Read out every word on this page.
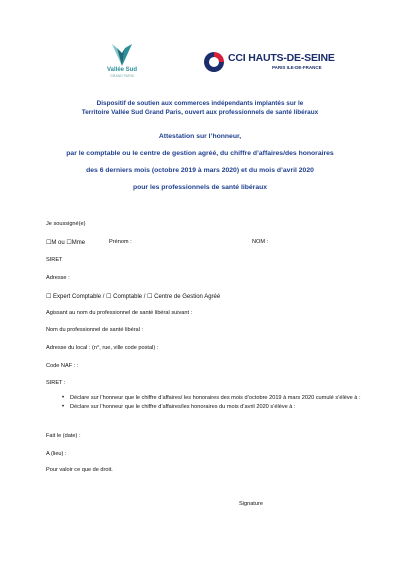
Vallée Sud
GRAND PARIS
CCI HAUTS-DE-SEINE
PARIS ILE-DE-FRANCE
Dispositif de soutien aux commerces indépendants implantés sur le
Territoire Vallée Sud Grand Paris, ouvert aux professionnels de santé libéraux
Attestation sur l’honneur,
par le comptable ou le centre de gestion agréé, du chiffre d’affaires/des honoraires
des 6 derniers mois (octobre 2019 à mars 2020) et du mois d’avril 2020
pour les professionnels de santé libéraux
Je soussigné(e)
☐M ou ☐Mme	Prénom :	NOM :
SIRET
Adresse :
☐ Expert Comptable / ☐ Comptable / ☐ Centre de Gestion Agréé
Agissant au nom du professionnel de santé libéral suivant :
Nom du professionnel de santé libéral :
Adresse du local : (n°, rue, ville code postal) :
Code NAF : :
SIRET :
• Déclare sur l’honneur que le chiffre d’affaires/ les honoraires des mois d’octobre 2019 à mars 2020 cumulé s’élève à :
• Déclare sur l’honneur que le chiffre d’affaires/les honoraires du mois d’avril 2020 s’élève à :
Fait le (date) :
A (lieu) :
Pour valoir ce que de droit.
Signature
